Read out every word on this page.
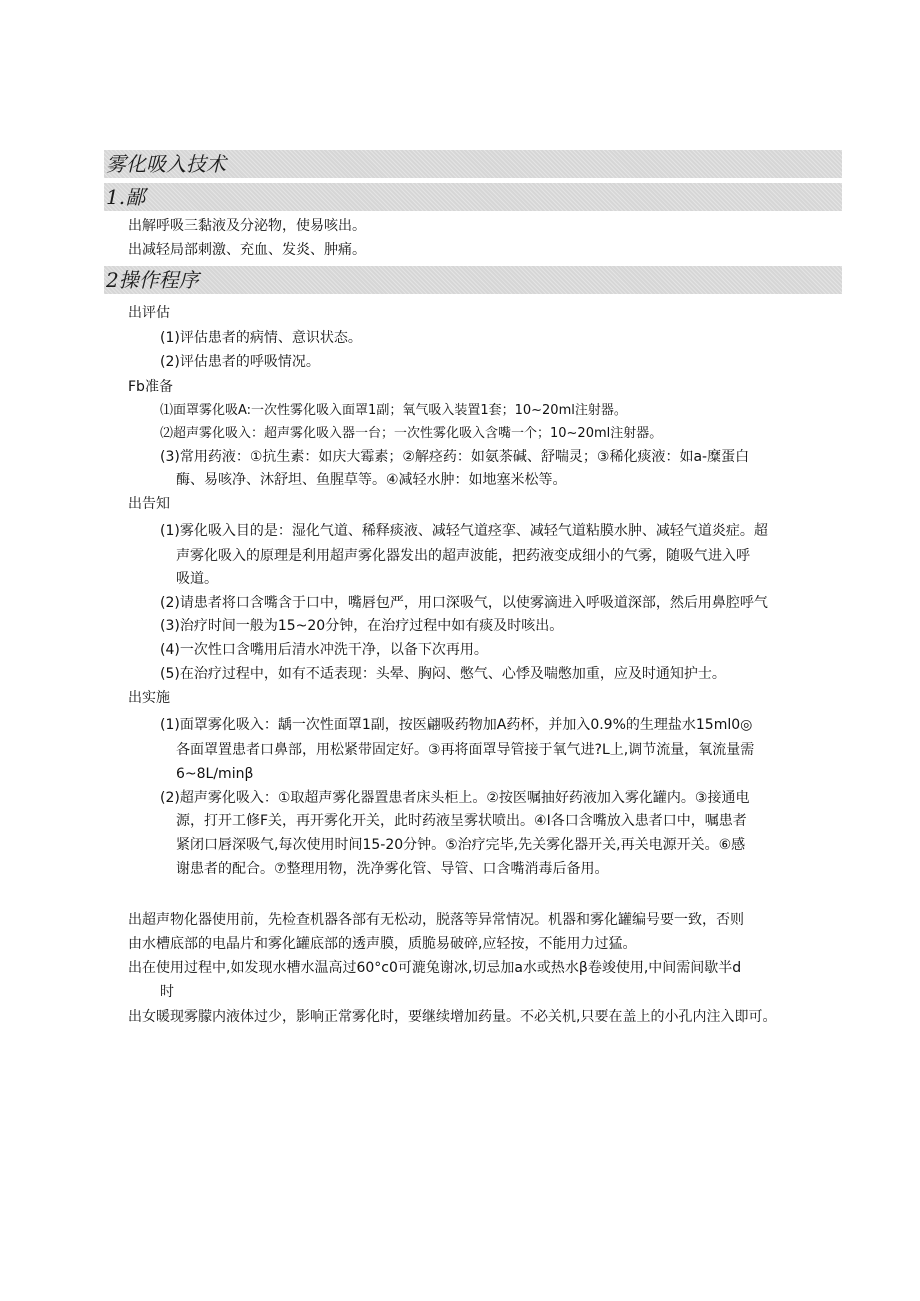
雾化吸入技术
1.鄙
出解呼吸三黏液及分泌物，使易咳出。
出减轻局部刺激、充血、发炎、肿痛。
2操作程序
出评估
(1)评估患者的病情、意识状态。
(2)评估患者的呼吸情况。
Fb准备
⑴面罩雾化吸A:一次性雾化吸入面罩1副；氧气吸入装置1套；10~20ml注射器。
⑵超声雾化吸入：超声雾化吸入器一台；一次性雾化吸入含嘴一个；10~20ml注射器。
(3)常用药液：①抗生素：如庆大霉素；②解痉药：如氨茶碱、舒喘灵；③稀化痰液：如a-糜蛋白
酶、易咳净、沐舒坦、鱼腥草等。④减轻水肿：如地塞米松等。
出告知
(1)雾化吸入目的是：湿化气道、稀释痰液、减轻气道痉挛、减轻气道粘膜水肿、减轻气道炎症。超
声雾化吸入的原理是利用超声雾化器发出的超声波能，把药液变成细小的气雾，随吸气进入呼
吸道。
(2)请患者将口含嘴含于口中，嘴唇包严，用口深吸气，以使雾滴进入呼吸道深部，然后用鼻腔呼气
(3)治疗时间一般为15~20分钟，在治疗过程中如有痰及时咳出。
(4)一次性口含嘴用后清水冲洗干净，以备下次再用。
(5)在治疗过程中，如有不适表现：头晕、胸闷、憋气、心悸及喘憋加重，应及时通知护士。
出实施
(1)面罩雾化吸入：龋一次性面罩1副，按医翩吸药物加A药杯，并加入0.9%的生理盐水15ml0◎
各面罩置患者口鼻部，用松紧带固定好。③再将面罩导管接于氧气进?L上,调节流量，氧流量需
6~8L∕minβ
(2)超声雾化吸入：①取超声雾化器置患者床头柜上。②按医嘱抽好药液加入雾化罐内。③接通电
源，打开工修F关，再开雾化开关，此时药液呈雾状喷出。④I各口含嘴放入患者口中，嘱患者
紧闭口唇深吸气,每次使用时间15-20分钟。⑤治疗完毕,先关雾化器开关,再关电源开关。⑥感
谢患者的配合。⑦整理用物，洗净雾化管、导管、口含嘴消毒后备用。
出超声物化器使用前，先检查机器各部有无松动，脱落等异常情况。机器和雾化罐编号要一致，否则
由水槽底部的电晶片和雾化罐底部的透声膜，质脆易破碎,应轻按，不能用力过猛。
出在使用过程中,如发现水槽水温高过60°c0可漉兔谢冰,切忌加a水或热水β卷竣使用,中间需间歇半d
时
出女暖现雾朦内液体过少，影响正常雾化时，要继续增加药量。不必关机,只要在盖上的小孔内注入即可。
